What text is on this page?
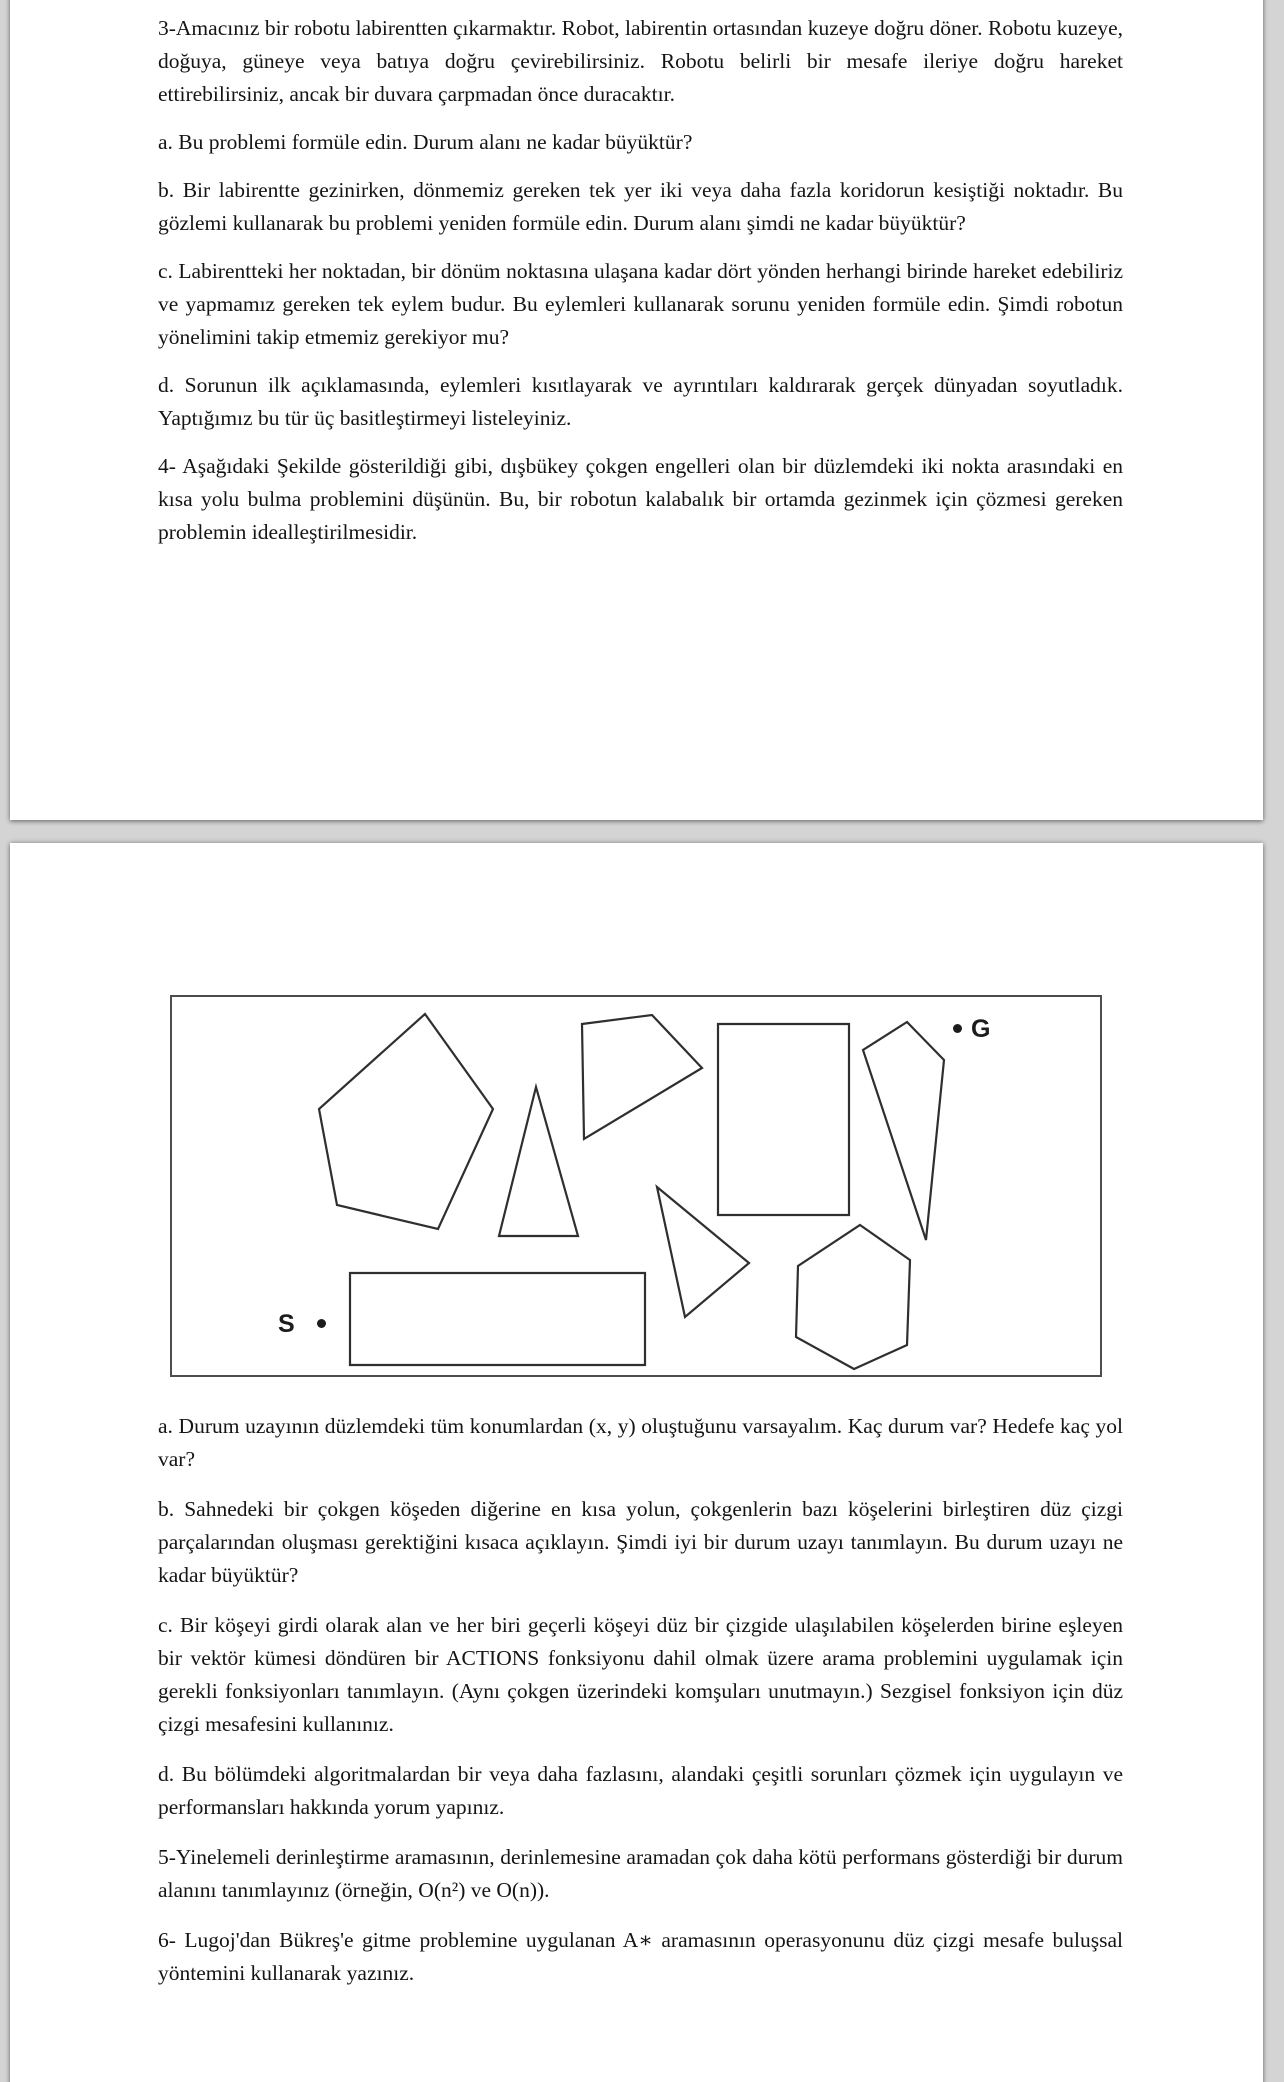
3-Amacınız bir robotu labirentten çıkarmaktır. Robot, labirentin ortasından kuzeye doğru döner. Robotu kuzeye, doğuya, güneye veya batıya doğru çevirebilirsiniz. Robotu belirli bir mesafe ileriye doğru hareket ettirebilirsiniz, ancak bir duvara çarpmadan önce duracaktır.

a. Bu problemi formüle edin. Durum alanı ne kadar büyüktür?

b. Bir labirentte gezinirken, dönmemiz gereken tek yer iki veya daha fazla koridorun kesiştiği noktadır. Bu gözlemi kullanarak bu problemi yeniden formüle edin. Durum alanı şimdi ne kadar büyüktür?

c. Labirentteki her noktadan, bir dönüm noktasına ulaşana kadar dört yönden herhangi birinde hareket edebiliriz ve yapmamız gereken tek eylem budur. Bu eylemleri kullanarak sorunu yeniden formüle edin. Şimdi robotun yönelimini takip etmemiz gerekiyor mu?

d. Sorunun ilk açıklamasında, eylemleri kısıtlayarak ve ayrıntıları kaldırarak gerçek dünyadan soyutladık. Yaptığımız bu tür üç basitleştirmeyi listeleyiniz.

4- Aşağıdaki Şekilde gösterildiği gibi, dışbükey çokgen engelleri olan bir düzlemdeki iki nokta arasındaki en kısa yolu bulma problemini düşünün. Bu, bir robotun kalabalık bir ortamda gezinmek için çözmesi gereken problemin idealleştirilmesidir.

S
G

a. Durum uzayının düzlemdeki tüm konumlardan (x, y) oluştuğunu varsayalım. Kaç durum var? Hedefe kaç yol var?

b. Sahnedeki bir çokgen köşeden diğerine en kısa yolun, çokgenlerin bazı köşelerini birleştiren düz çizgi parçalarından oluşması gerektiğini kısaca açıklayın. Şimdi iyi bir durum uzayı tanımlayın. Bu durum uzayı ne kadar büyüktür?

c. Bir köşeyi girdi olarak alan ve her biri geçerli köşeyi düz bir çizgide ulaşılabilen köşelerden birine eşleyen bir vektör kümesi döndüren bir ACTIONS fonksiyonu dahil olmak üzere arama problemini uygulamak için gerekli fonksiyonları tanımlayın. (Aynı çokgen üzerindeki komşuları unutmayın.) Sezgisel fonksiyon için düz çizgi mesafesini kullanınız.

d. Bu bölümdeki algoritmalardan bir veya daha fazlasını, alandaki çeşitli sorunları çözmek için uygulayın ve performansları hakkında yorum yapınız.

5-Yinelemeli derinleştirme aramasının, derinlemesine aramadan çok daha kötü performans gösterdiği bir durum alanını tanımlayınız (örneğin, O(n²) ve O(n)).

6- Lugoj'dan Bükreş'e gitme problemine uygulanan A∗ aramasının operasyonunu düz çizgi mesafe buluşsal yöntemini kullanarak yazınız.
